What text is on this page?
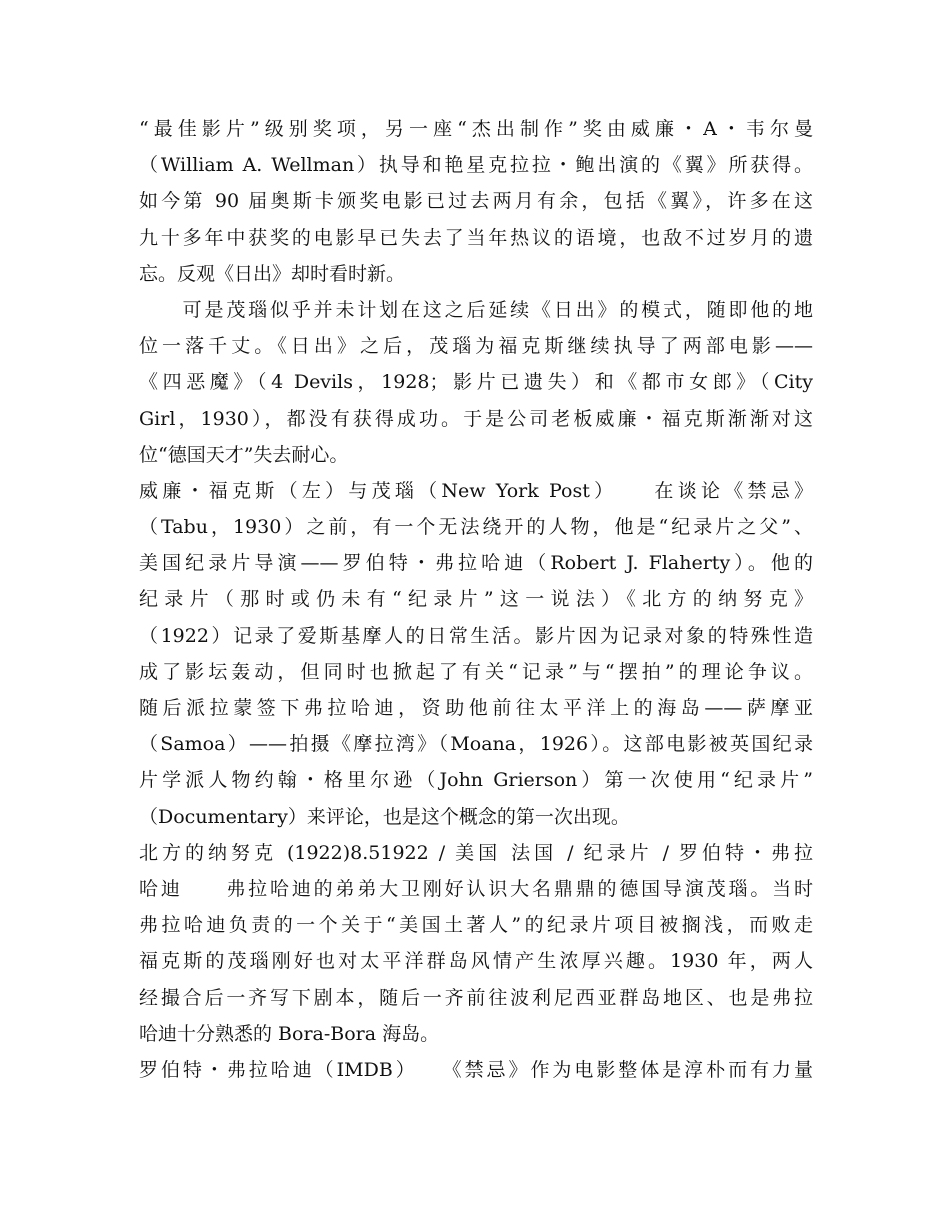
“最佳影片”级别奖项，另一座“杰出制作”奖由威廉・A・韦尔曼
（William A. Wellman）执导和艳星克拉拉・鲍出演的《翼》所获得。
如今第 90 届奥斯卡颁奖电影已过去两月有余，包括《翼》，许多在这
九十多年中获奖的电影早已失去了当年热议的语境，也敌不过岁月的遗
忘。反观《日出》却时看时新。
　　可是茂瑙似乎并未计划在这之后延续《日出》的模式，随即他的地
位一落千丈。《日出》之后，茂瑙为福克斯继续执导了两部电影——
《四恶魔》（4 Devils，1928；影片已遗失）和《都市女郎》（City
Girl，1930），都没有获得成功。于是公司老板威廉・福克斯渐渐对这
位“德国天才”失去耐心。
威廉・福克斯（左）与茂瑙（New York Post）　　在谈论《禁忌》
（Tabu，1930）之前，有一个无法绕开的人物，他是“纪录片之父”、
美国纪录片导演——罗伯特・弗拉哈迪（Robert J. Flaherty）。他的
纪录片（那时或仍未有“纪录片”这一说法）《北方的纳努克》
（1922）记录了爱斯基摩人的日常生活。影片因为记录对象的特殊性造
成了影坛轰动，但同时也掀起了有关“记录”与“摆拍”的理论争议。
随后派拉蒙签下弗拉哈迪，资助他前往太平洋上的海岛——萨摩亚
（Samoa）——拍摄《摩拉湾》（Moana，1926）。这部电影被英国纪录
片学派人物约翰・格里尔逊（John Grierson）第一次使用“纪录片”
（Documentary）来评论，也是这个概念的第一次出现。
北方的纳努克 (1922)8.51922 / 美国 法国 / 纪录片 / 罗伯特・弗拉
哈迪　　弗拉哈迪的弟弟大卫刚好认识大名鼎鼎的德国导演茂瑙。当时
弗拉哈迪负责的一个关于“美国土著人”的纪录片项目被搁浅，而败走
福克斯的茂瑙刚好也对太平洋群岛风情产生浓厚兴趣。1930 年，两人
经撮合后一齐写下剧本，随后一齐前往波利尼西亚群岛地区、也是弗拉
哈迪十分熟悉的 Bora-Bora 海岛。
罗伯特・弗拉哈迪（IMDB）　　《禁忌》作为电影整体是淳朴而有力量
